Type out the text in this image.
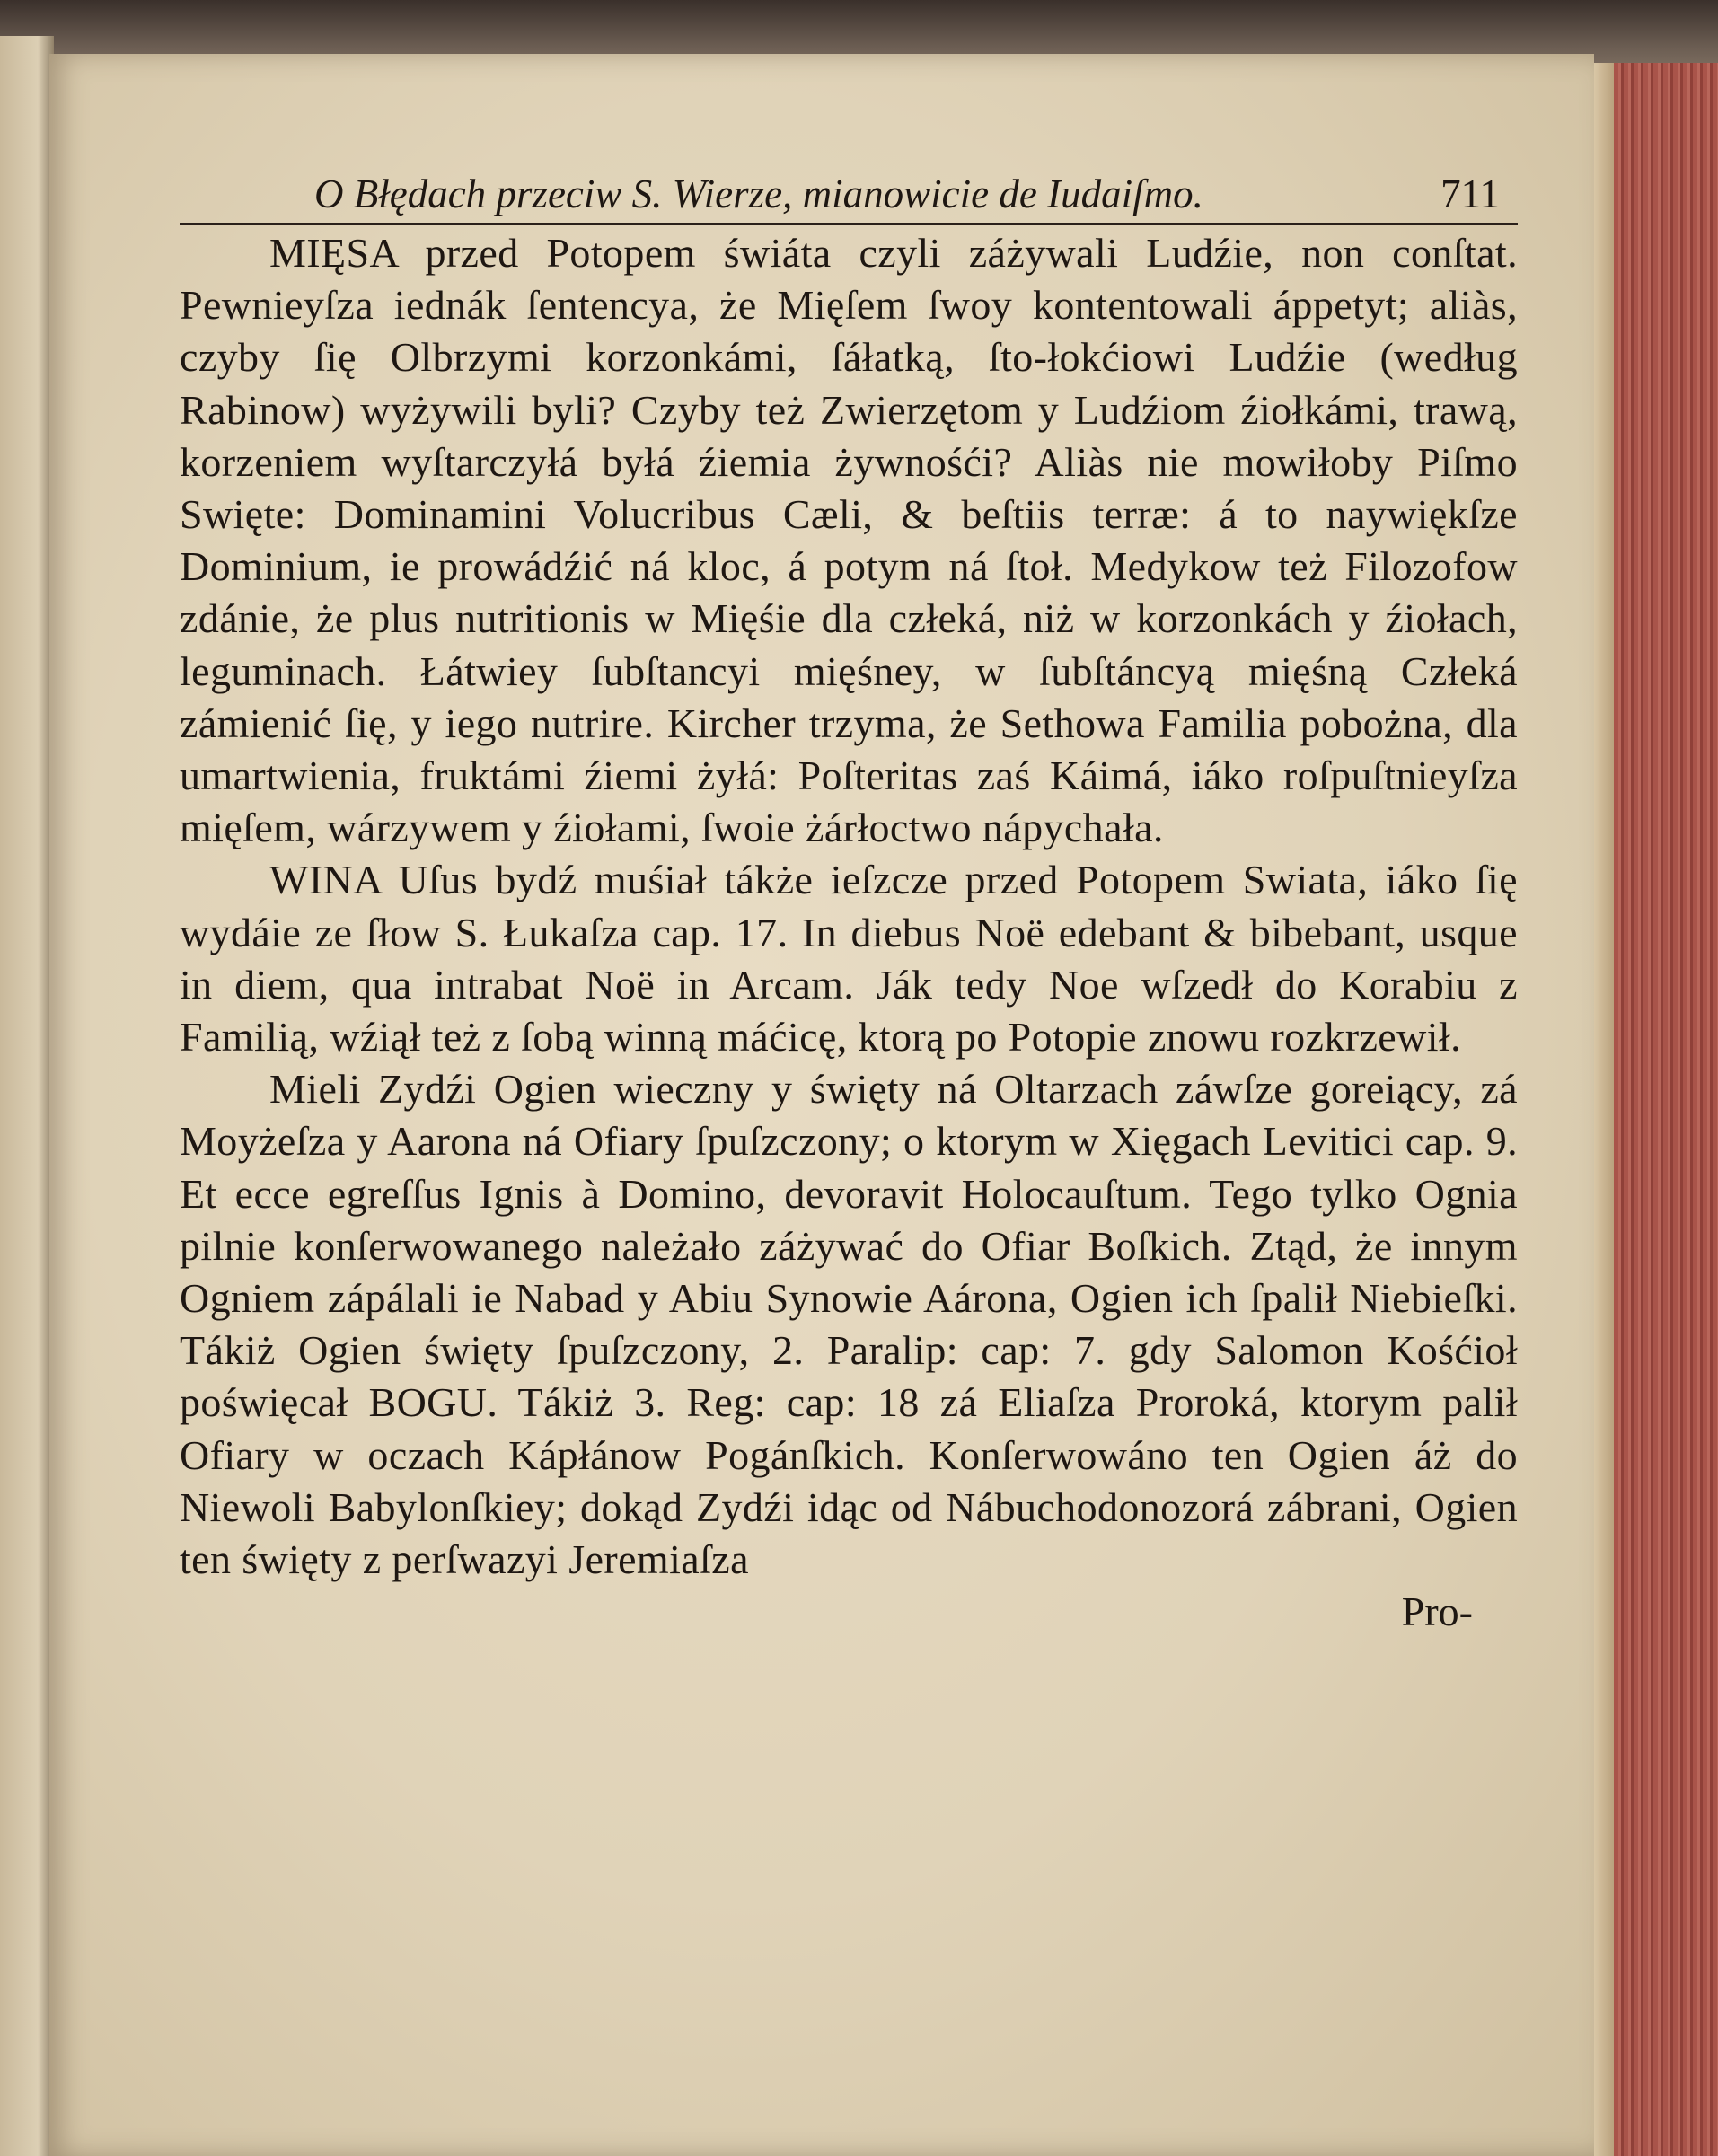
O Błędach przeciw S. Wierze, mianowicie de Iudaiſmo.	711

MIĘSA przed Potopem świáta czyli záżywali Ludźie, non conſtat. Pewnieyſza iednák ſentencya, że Mięſem ſwoy kontentowali áppetyt; aliàs, czyby ſię Olbrzymi korzonkámi, ſáłatką, ſto-łokćiowi Ludźie (według Rabinow) wyżywili byli? Czyby też Zwierzętom y Ludźiom źiołkámi, trawą, korzeniem wyſtarczyłá byłá źiemia żywnośći? Aliàs nie mowiłoby Piſmo Swięte: Dominamini Volucribus Cæli, & beſtiis terræ: á to naywiękſze Dominium, ie prowádźić ná kloc, á potym ná ſtoł. Medykow też Filozofow zdánie, że plus nutritionis w Mięśie dla człeká, niż w korzonkách y źiołach, leguminach. Łátwiey ſubſtancyi mięśney, w ſubſtáncyą mięśną Człeká zámienić ſię, y iego nutrire. Kircher trzyma, że Sethowa Familia pobożna, dla umartwienia, fruktámi źiemi żyłá: Poſteritas zaś Káimá, iáko roſpuſtnieyſza mięſem, wárzywem y źiołami, ſwoie żárłoctwo nápychała.

WINA Uſus bydź muśiał tákże ieſzcze przed Potopem Swiata, iáko ſię wydáie ze ſłow S. Łukaſza cap. 17. In diebus Noë edebant & bibebant, usque in diem, qua intrabat Noë in Arcam. Ják tedy Noe wſzedł do Korabiu z Familią, wźiął też z ſobą winną máćicę, ktorą po Potopie znowu rozkrzewił.

Mieli Zydźi Ogien wieczny y święty ná Oltarzach záwſze goreiący, zá Moyżeſza y Aarona ná Ofiary ſpuſzczony; o ktorym w Xięgach Levitici cap. 9. Et ecce egreſſus Ignis à Domino, devoravit Holocauſtum. Tego tylko Ognia pilnie konſerwowanego należało záżywać do Ofiar Boſkich. Ztąd, że innym Ogniem zápálali ie Nabad y Abiu Synowie Aárona, Ogien ich ſpalił Niebieſki. Tákiż Ogien święty ſpuſzczony, 2. Paralip: cap: 7. gdy Salomon Kośćioł poświęcał BOGU. Tákiż 3. Reg: cap: 18 zá Eliaſza Proroká, ktorym palił Ofiary w oczach Kápłánow Pogánſkich. Konſerwowáno ten Ogien áż do Niewoli Babylonſkiey; dokąd Zydźi idąc od Nábuchodonozorá zábrani, Ogien ten święty z perſwazyi Jeremiaſza

Pro-
